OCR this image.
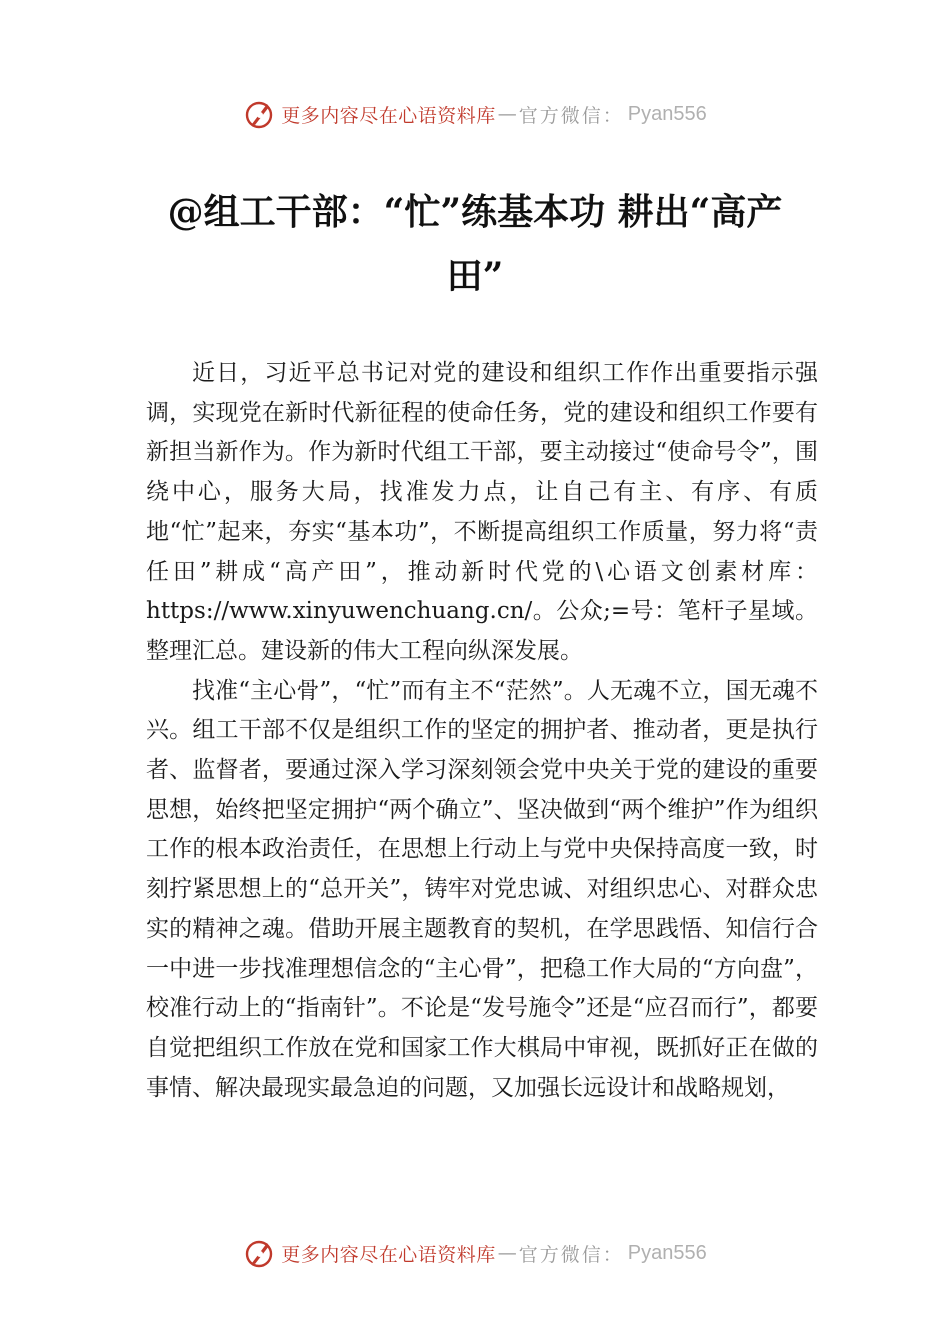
更多内容尽在心语资料库 — 官方微信： Pyan556
@组工干部：“忙”练基本功 耕出“高产田”

近日，习近平总书记对党的建设和组织工作作出重要指示强调，实现党在新时代新征程的使命任务，党的建设和组织工作要有新担当新作为。作为新时代组工干部，要主动接过“使命号令”，围绕中心，服务大局，找准发力点，让自己有主、有序、有质地“忙”起来，夯实“基本功”，不断提高组织工作质量，努力将“责任田”耕成“高产田”，推动新时代党的\心语文创素材库：https://www.xinyuwenchuang.cn/。公众;=号：笔杆子星域。整理汇总。建设新的伟大工程向纵深发展。

找准“主心骨”，“忙”而有主不“茫然”。人无魂不立，国无魂不兴。组工干部不仅是组织工作的坚定的拥护者、推动者，更是执行者、监督者，要通过深入学习深刻领会党中央关于党的建设的重要思想，始终把坚定拥护“两个确立”、坚决做到“两个维护”作为组织工作的根本政治责任，在思想上行动上与党中央保持高度一致，时刻拧紧思想上的“总开关”，铸牢对党忠诚、对组织忠心、对群众忠实的精神之魂。借助开展主题教育的契机，在学思践悟、知信行合一中进一步找准理想信念的“主心骨”，把稳工作大局的“方向盘”，校准行动上的“指南针”。不论是“发号施令”还是“应召而行”，都要自觉把组织工作放在党和国家工作大棋局中审视，既抓好正在做的事情、解决最现实最急迫的问题，又加强长远设计和战略规划，

更多内容尽在心语资料库 — 官方微信： Pyan556
